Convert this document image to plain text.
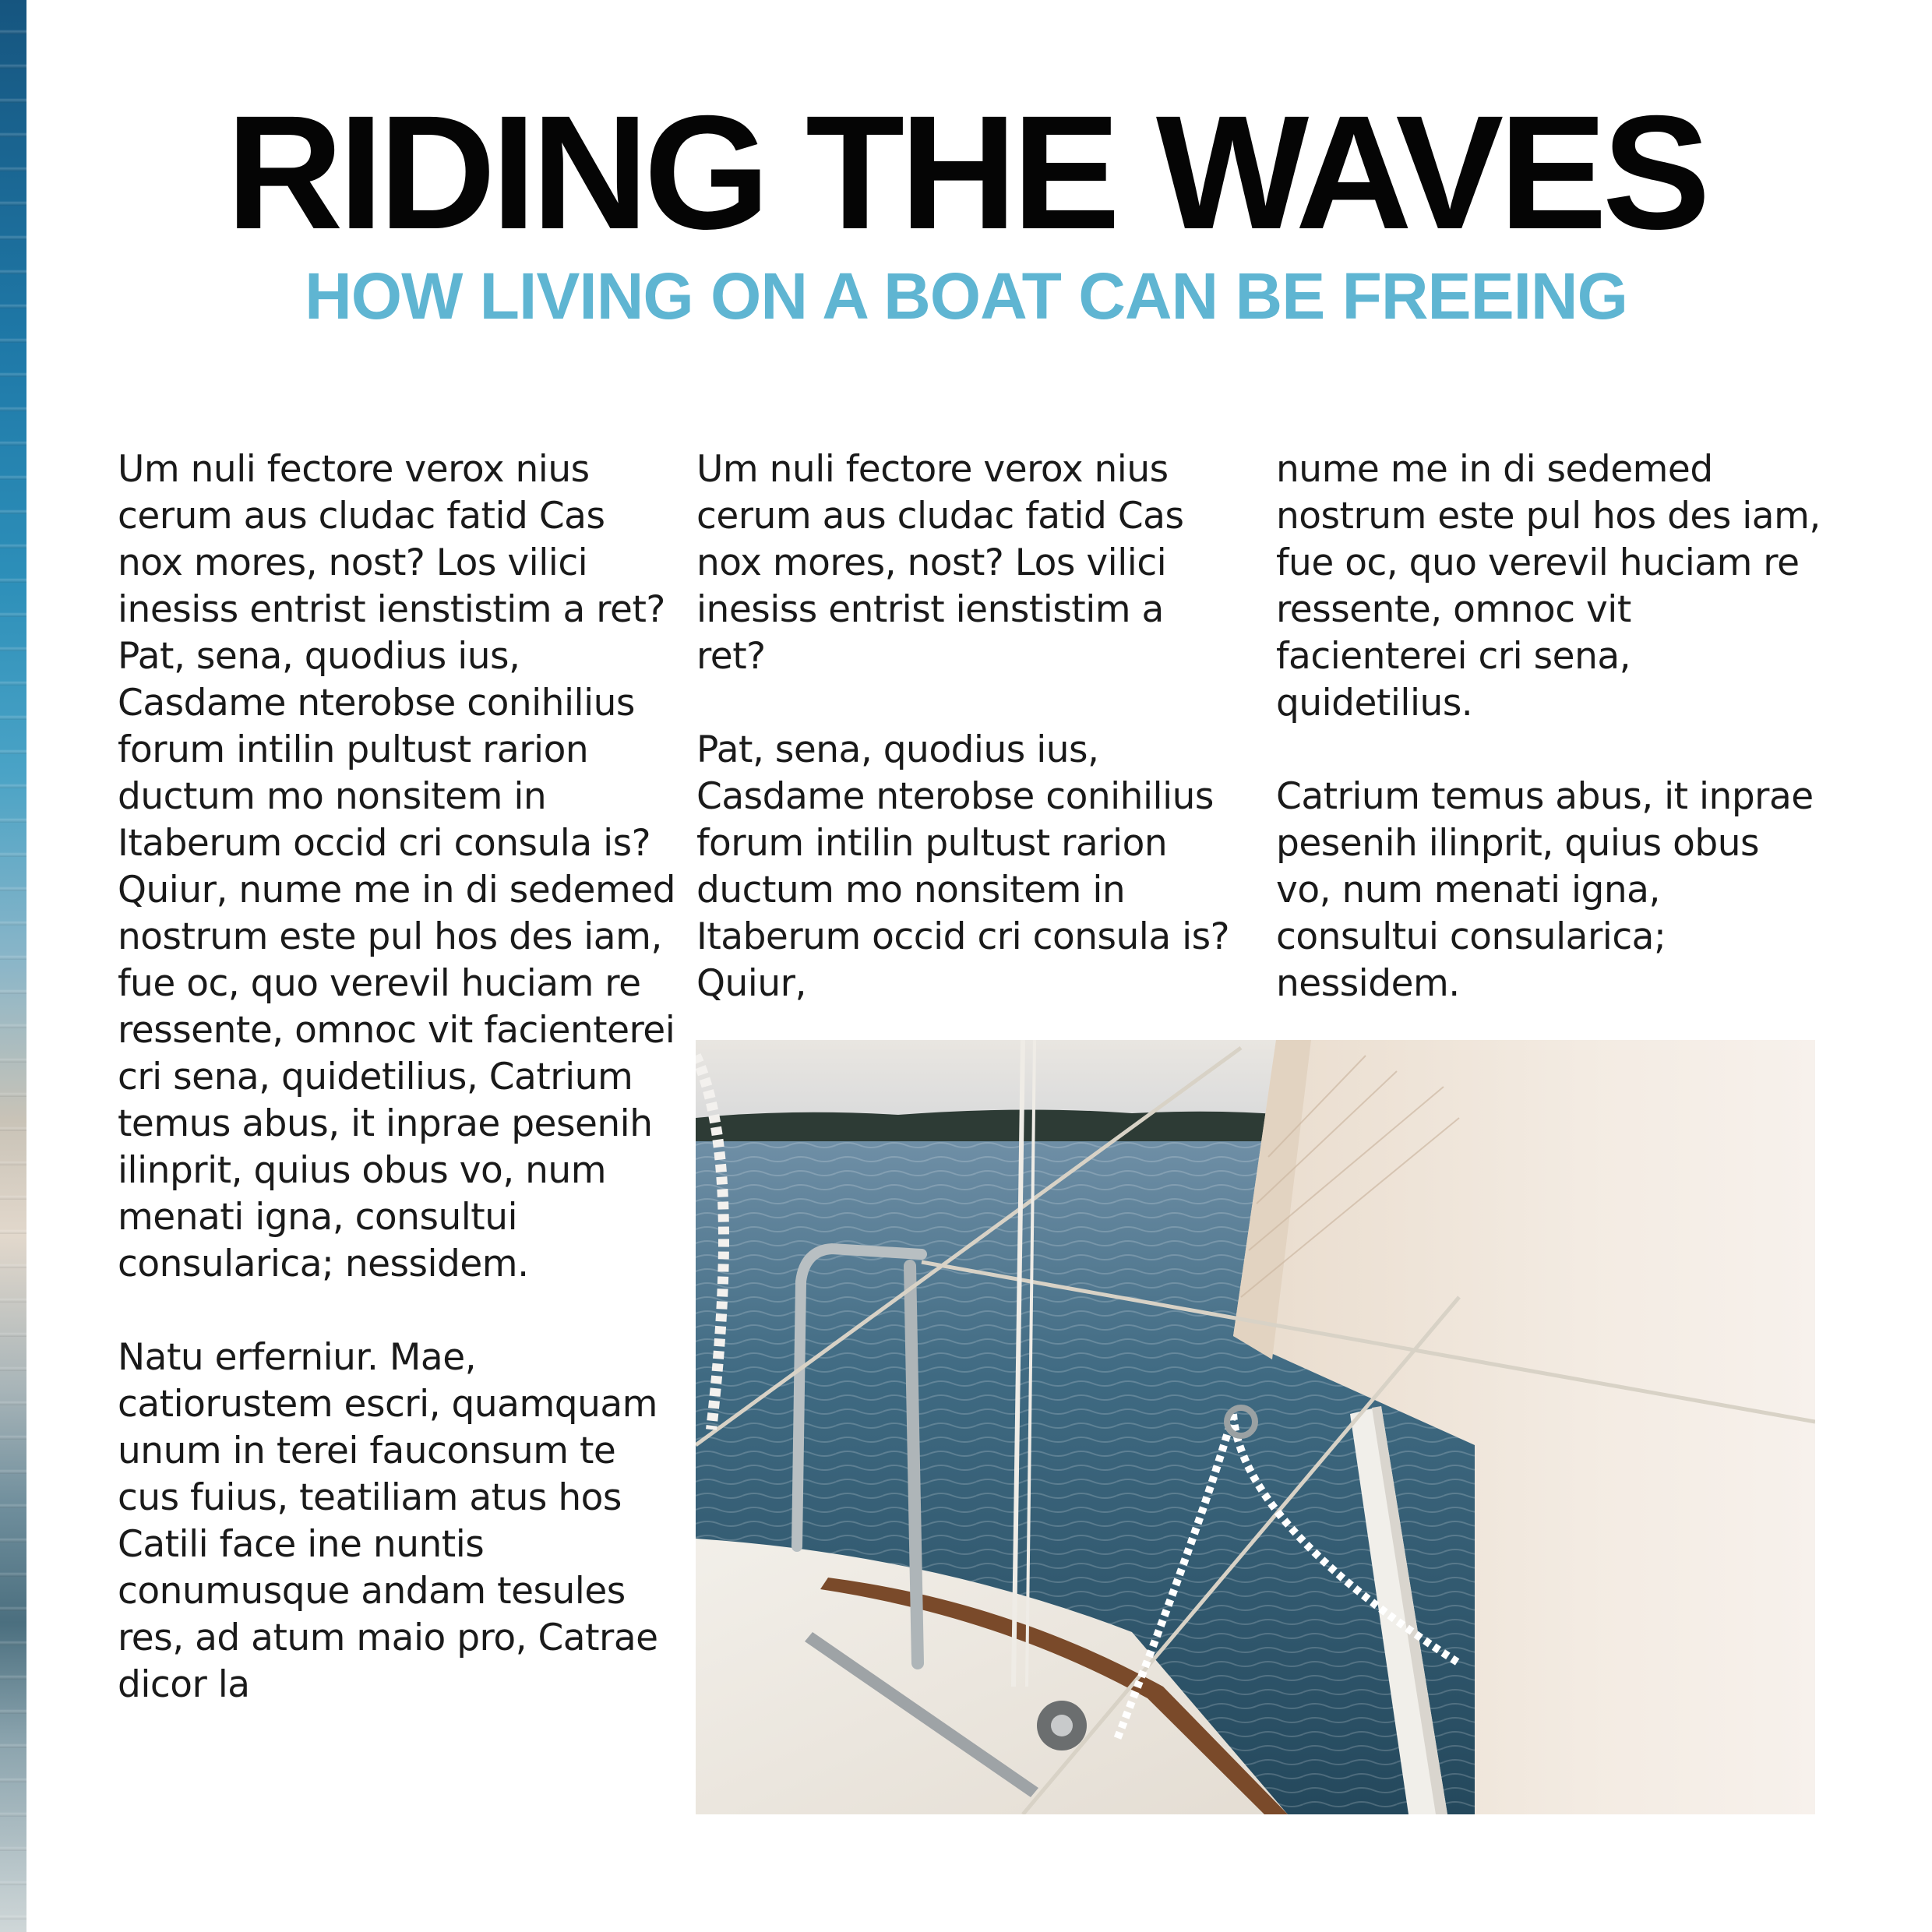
RIDING THE WAVES
HOW LIVING ON A BOAT CAN BE FREEING

Um nuli fectore verox nius cerum aus cludac fatid Cas nox mores, nost? Los vilici inesiss entrist ienstistim a ret? Pat, sena, quodius ius, Casdame nterobse conihilius forum intilin pultust rarion ductum mo nonsitem in Itaberum occid cri consula is? Quiur, nume me in di sedemed nostrum este pul hos des iam, fue oc, quo verevil huciam re ressente, omnoc vit facienterei cri sena, quidetilius, Catrium temus abus, it inprae pesenih ilinprit, quius obus vo, num menati igna, consultui consularica; nessidem.

Natu erferniur. Mae, catiorustem escri, quamquam unum in terei fauconsum te cus fuius, teatiliam atus hos Catili face ine nuntis conumusque andam tesules res, ad atum maio pro, Catrae dicor la

Um nuli fectore verox nius cerum aus cludac fatid Cas nox mores, nost? Los vilici inesiss entrist ienstistim a ret?

Pat, sena, quodius ius, Casdame nterobse conihilius forum intilin pultust rarion ductum mo nonsitem in Itaberum occid cri consula is? Quiur,

nume me in di sedemed nostrum este pul hos des iam, fue oc, quo verevil huciam re ressente, omnoc vit facienterei cri sena, quidetilius.

Catrium temus abus, it inprae pesenih ilinprit, quius obus vo, num menati igna, consultui consularica; nessidem.
